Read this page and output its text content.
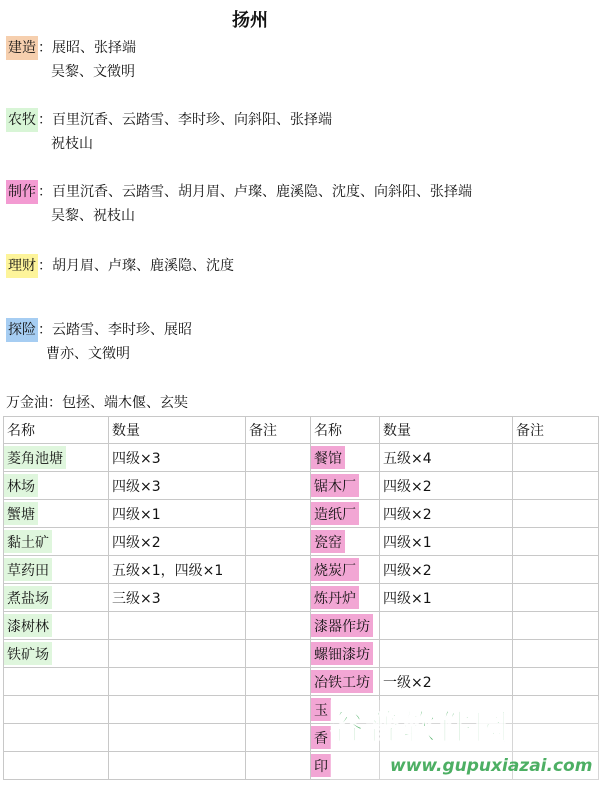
扬州
建造 ：展昭、张择端
吴黎、文徵明
农牧 ：百里沉香、云踏雪、李时珍、向斜阳、张择端
祝枝山
制作 ：百里沉香、云踏雪、胡月眉、卢璨、鹿溪隐、沈度、向斜阳、张择端
吴黎、祝枝山
理财 ：胡月眉、卢璨、鹿溪隐、沈度
探险 ：云踏雪、李时珍、展昭
曹亦、文徵明
万金油：包拯、端木偃、玄奘
名称	数量	备注	名称	数量	备注
菱角池塘	四级×3		餐馆	五级×4	
林场	四级×3		锯木厂	四级×2	
蟹塘	四级×1		造纸厂	四级×2	
黏土矿	四级×2		瓷窑	四级×1	
草药田	五级×1，四级×1		烧炭厂	四级×2	
煮盐场	三级×3		炼丹炉	四级×1	
漆树林			漆器作坊		
铁矿场			螺钿漆坊		
			冶铁工坊	一级×2	
			玉		
			香		
			印		
谷普软件园
www.gupuxiazai.com
